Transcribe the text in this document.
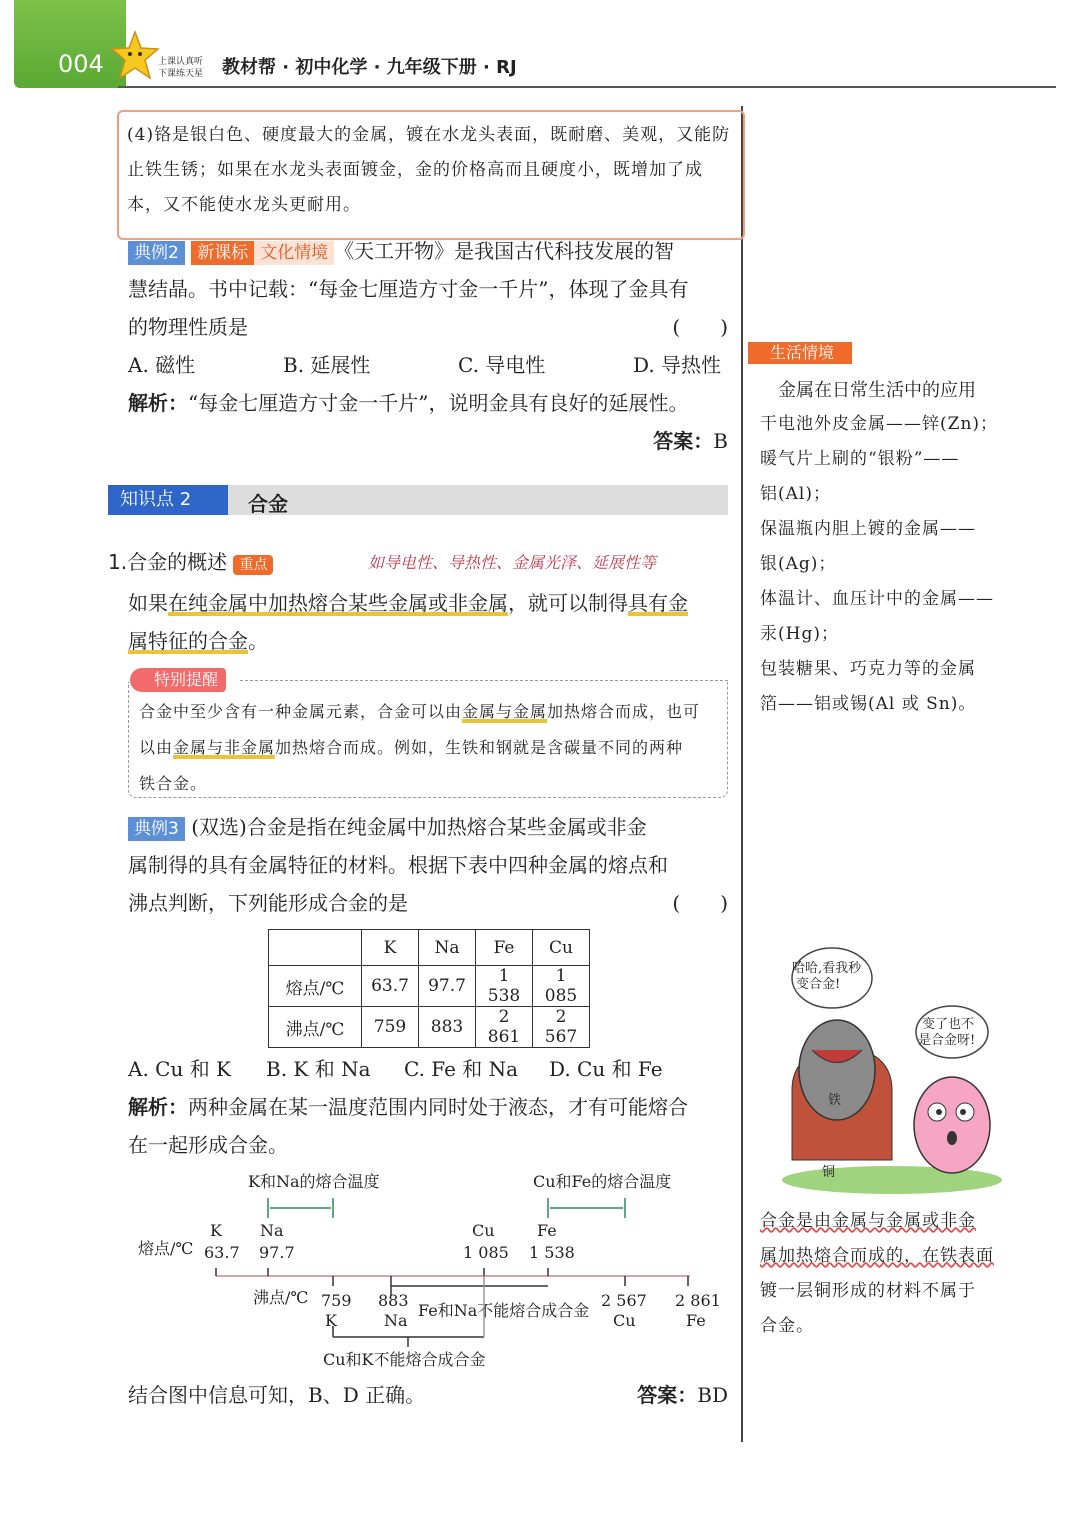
004	上课认真听
下课练天星 教材帮 · 初中化学 · 九年级下册 · RJ
(4)铬是银白色、硬度最大的金属，镀在水龙头表面，既耐磨、美观，又能防止铁生锈；如果在水龙头表面镀金，金的价格高而且硬度小，既增加了成本，又不能使水龙头更耐用。
典例2 新课标 文化情境 《天工开物》是我国古代科技发展的智
慧结晶。书中记载：“每金七厘造方寸金一千片”，体现了金具有
的物理性质是	(　　)
A. 磁性	B. 延展性	C. 导电性	D. 导热性
解析：“每金七厘造方寸金一千片”，说明金具有良好的延展性。
答案：B
知识点 2	合金
1.合金的概述 重点	如导电性、导热性、金属光泽、延展性等
如果在纯金属中加热熔合某些金属或非金属，就可以制得具有金
属特征的合金。
特别提醒
合金中至少含有一种金属元素，合金可以由金属与金属加热熔合而成，也可
以由金属与非金属加热熔合而成。例如，生铁和钢就是含碳量不同的两种
铁合金。
典例3 (双选)合金是指在纯金属中加热熔合某些金属或非金
属制得的具有金属特征的材料。根据下表中四种金属的熔点和
沸点判断，下列能形成合金的是	(　　)
	K	Na	Fe	Cu
熔点/℃	63.7	97.7	1 538	1 085
沸点/℃	759	883	2 861	2 567
A. Cu 和 K	B. K 和 Na	C. Fe 和 Na	D. Cu 和 Fe
解析：两种金属在某一温度范围内同时处于液态，才有可能熔合
在一起形成合金。
K和Na的熔合温度	Cu和Fe的熔合温度
熔点/℃
沸点/℃
K
63.7
Na
97.7
Cu
1 085
Fe
1 538
759
K
883
Na
2 567
Cu
2 861
Fe
Fe和Na不能熔合成合金
Cu和K不能熔合成合金
结合图中信息可知，B、D 正确。	答案：BD
生活情境
金属在日常生活中的应用
干电池外皮金属——锌(Zn)；
暖气片上刷的“银粉”——
铝(Al)；
保温瓶内胆上镀的金属——
银(Ag)；
体温计、血压计中的金属——
汞(Hg)；
包装糖果、巧克力等的金属
箔——铝或锡(Al 或 Sn)。
哈哈,看我秒
变合金!
变了也不
是合金呀!
铁
铜
合金是由金属与金属或非金
属加热熔合而成的，在铁表面
镀一层铜形成的材料不属于
合金。
